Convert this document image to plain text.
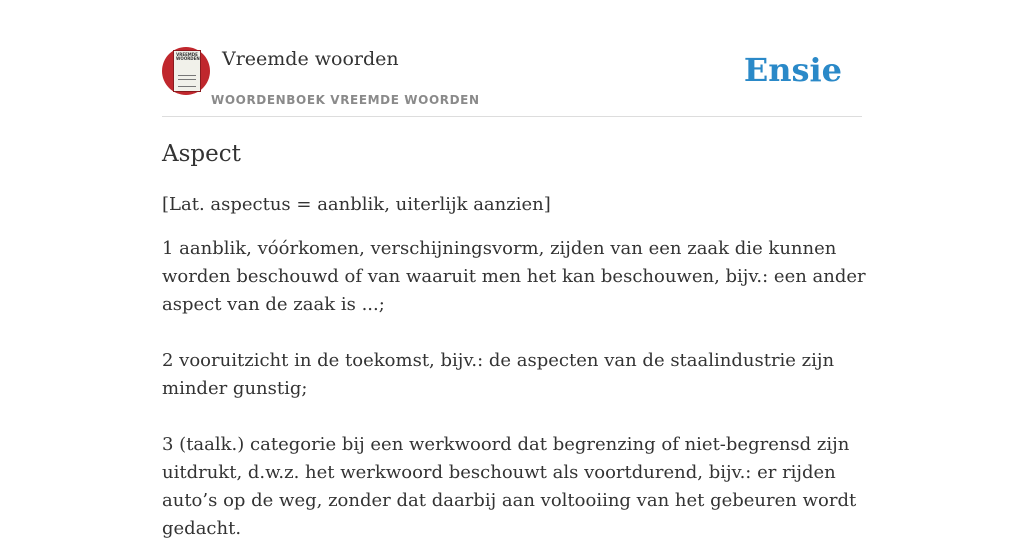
VREEMDE WOORDEN Vreemde woorden
WOORDENBOEK VREEMDE WOORDEN
Ensie
Aspect

[Lat. aspectus = aanblik, uiterlijk aanzien]

1 aanblik, vóórkomen, verschijningsvorm, zijden van een zaak die kunnen worden beschouwd of van waaruit men het kan beschouwen, bijv.: een ander aspect van de zaak is ...;

2 vooruitzicht in de toekomst, bijv.: de aspecten van de staalindustrie zijn minder gunstig;

3 (taalk.) categorie bij een werkwoord dat begrenzing of niet-begrensd zijn uitdrukt, d.w.z. het werkwoord beschouwt als voortdurend, bijv.: er rijden auto’s op de weg, zonder dat daarbij aan voltooiing van het gebeuren wordt gedacht.
